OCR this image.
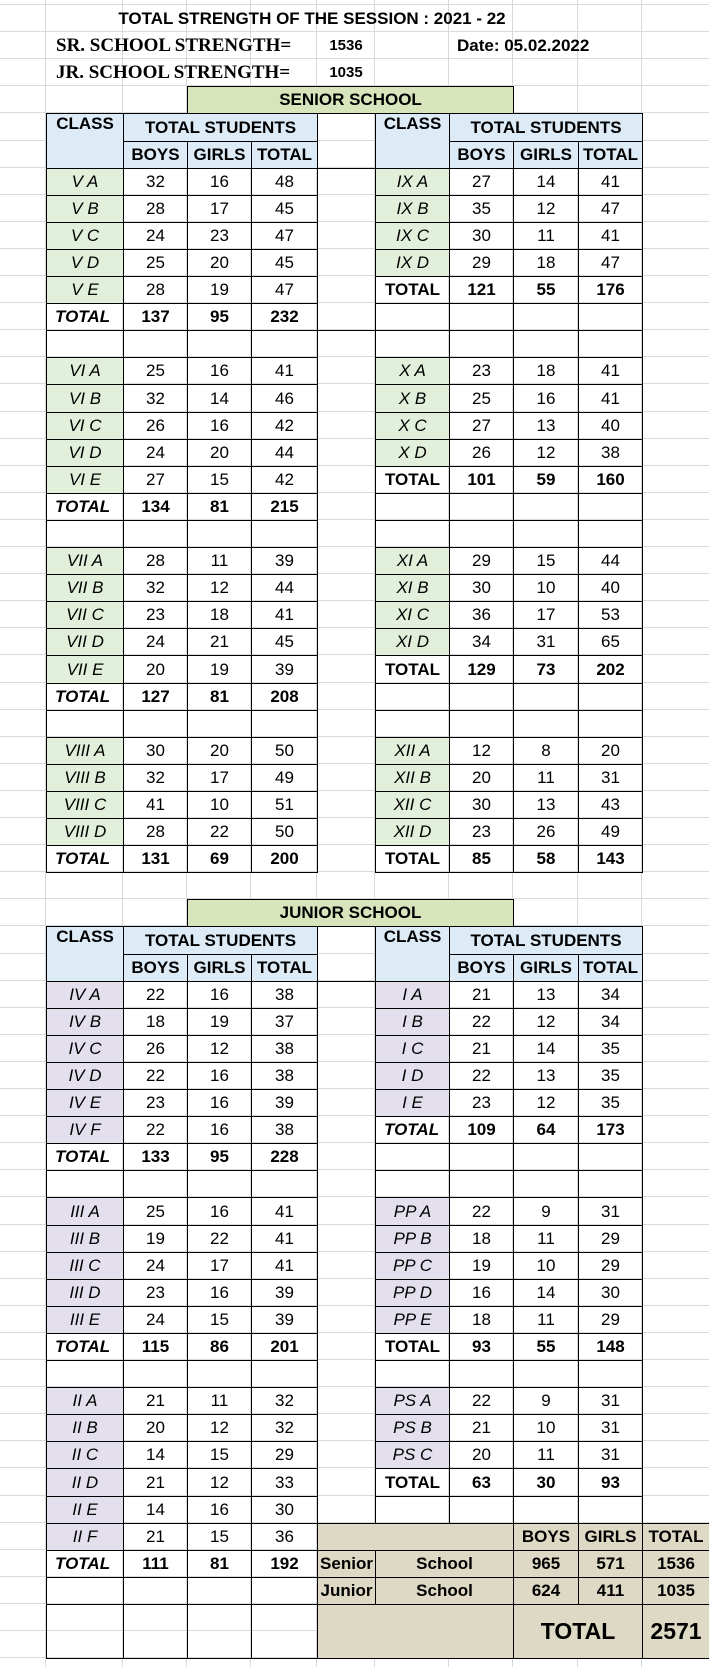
TOTAL STRENGTH OF THE SESSION : 2021 - 22
SR. SCHOOL STRENGTH=	1536	Date: 05.02.2022
JR. SCHOOL STRENGTH=	1035
SENIOR SCHOOL
CLASS	TOTAL STUDENTS
BOYS GIRLS TOTAL
CLASS	TOTAL STUDENTS
BOYS GIRLS TOTAL
V A	32	16	48
V B	28	17	45
V C	24	23	47
V D	25	20	45
V E	28	19	47
TOTAL	137	95	232
VI A	25	16	41
VI B	32	14	46
VI C	26	16	42
VI D	24	20	44
VI E	27	15	42
TOTAL	134	81	215
VII A	28	11	39
VII B	32	12	44
VII C	23	18	41
VII D	24	21	45
VII E	20	19	39
TOTAL	127	81	208
VIII A	30	20	50
VIII B	32	17	49
VIII C	41	10	51
VIII D	28	22	50
TOTAL	131	69	200
IX A	27	14	41
IX B	35	12	47
IX C	30	11	41
IX D	29	18	47
TOTAL	121	55	176
X A	23	18	41
X B	25	16	41
X C	27	13	40
X D	26	12	38
TOTAL	101	59	160
XI A	29	15	44
XI B	30	10	40
XI C	36	17	53
XI D	34	31	65
TOTAL	129	73	202
XII A	12	8	20
XII B	20	11	31
XII C	30	13	43
XII D	23	26	49
TOTAL	85	58	143
JUNIOR SCHOOL
CLASS	TOTAL STUDENTS
BOYS GIRLS TOTAL
CLASS	TOTAL STUDENTS
BOYS GIRLS TOTAL
IV A	22	16	38
IV B	18	19	37
IV C	26	12	38
IV D	22	16	38
IV E	23	16	39
IV F	22	16	38
TOTAL	133	95	228
III A	25	16	41
III B	19	22	41
III C	24	17	41
III D	23	16	39
III E	24	15	39
TOTAL	115	86	201
II A	21	11	32
II B	20	12	32
II C	14	15	29
II D	21	12	33
II E	14	16	30
II F	21	15	36
TOTAL	111	81	192
I A	21	13	34
I B	22	12	34
I C	21	14	35
I D	22	13	35
I E	23	12	35
TOTAL	109	64	173
PP A	22	9	31
PP B	18	11	29
PP C	19	10	29
PP D	16	14	30
PP E	18	11	29
TOTAL	93	55	148
PS A	22	9	31
PS B	21	10	31
PS C	20	11	31
TOTAL	63	30	93
BOYS GIRLS TOTAL
Senior	School	965	571	1536
Junior	School	624	411	1035
TOTAL	2571
